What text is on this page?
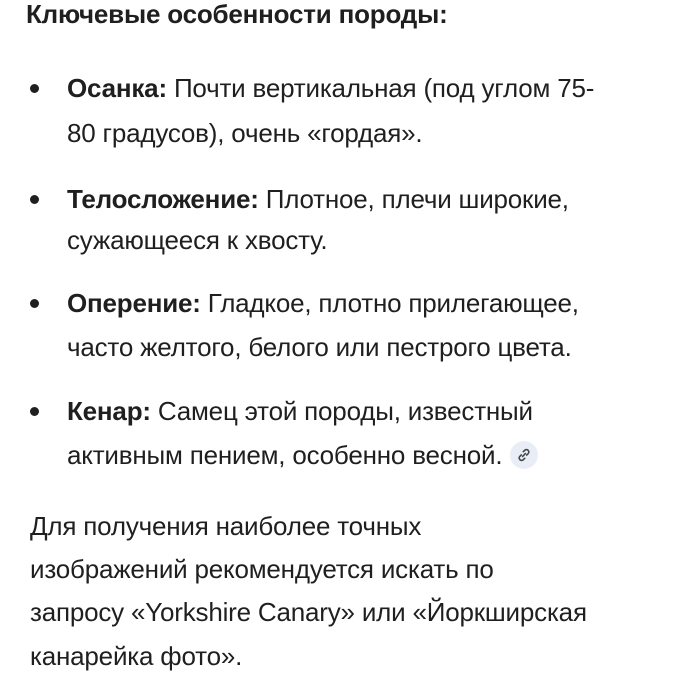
Ключевые особенности породы:
Осанка: Почти вертикальная (под углом 75-
80 градусов), очень «гордая».
Телосложение: Плотное, плечи широкие,
сужающееся к хвосту.
Оперение: Гладкое, плотно прилегающее,
часто желтого, белого или пестрого цвета.
Кенар: Самец этой породы, известный
активным пением, особенно весной.
Для получения наиболее точных
изображений рекомендуется искать по
запросу «Yorkshire Canary» или «Йоркширская
канарейка фото».
